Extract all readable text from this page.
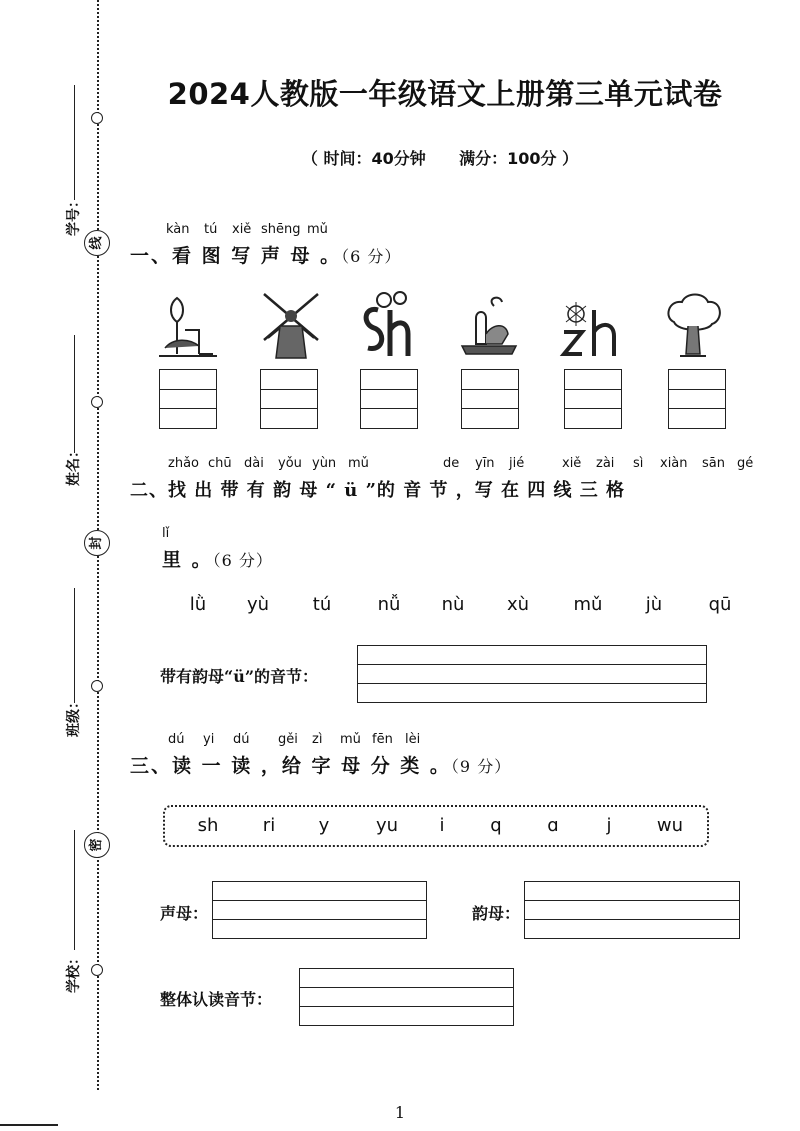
线
封
密
学号：
姓名：
班级：
学校：
2024人教版一年级语文上册第三单元试卷
（ 时间：40分钟      满分：100分 ）
kàn tú xiě shēng mǔ
一、看 图 写 声 母 。（6 分）
zhǎo chū dài yǒu yùn mǔ	de yīn jié	xiě zài sì xiàn sān gé
二、找 出 带 有 韵 母 “ ü ”的 音 节 ，写 在 四 线 三 格
lǐ
里 。（6 分）
lǜ yù tú	nǚ nù xù mǔ jù	qū
带有韵母“ü”的音节：
dú yi dú gěi zì mǔ fēn lèi
三、读 一 读 ，给 字 母 分 类 。（9 分）
sh ri y	yu i	q	ɑ	j	wu
声母：	韵母：
整体认读音节：
1
